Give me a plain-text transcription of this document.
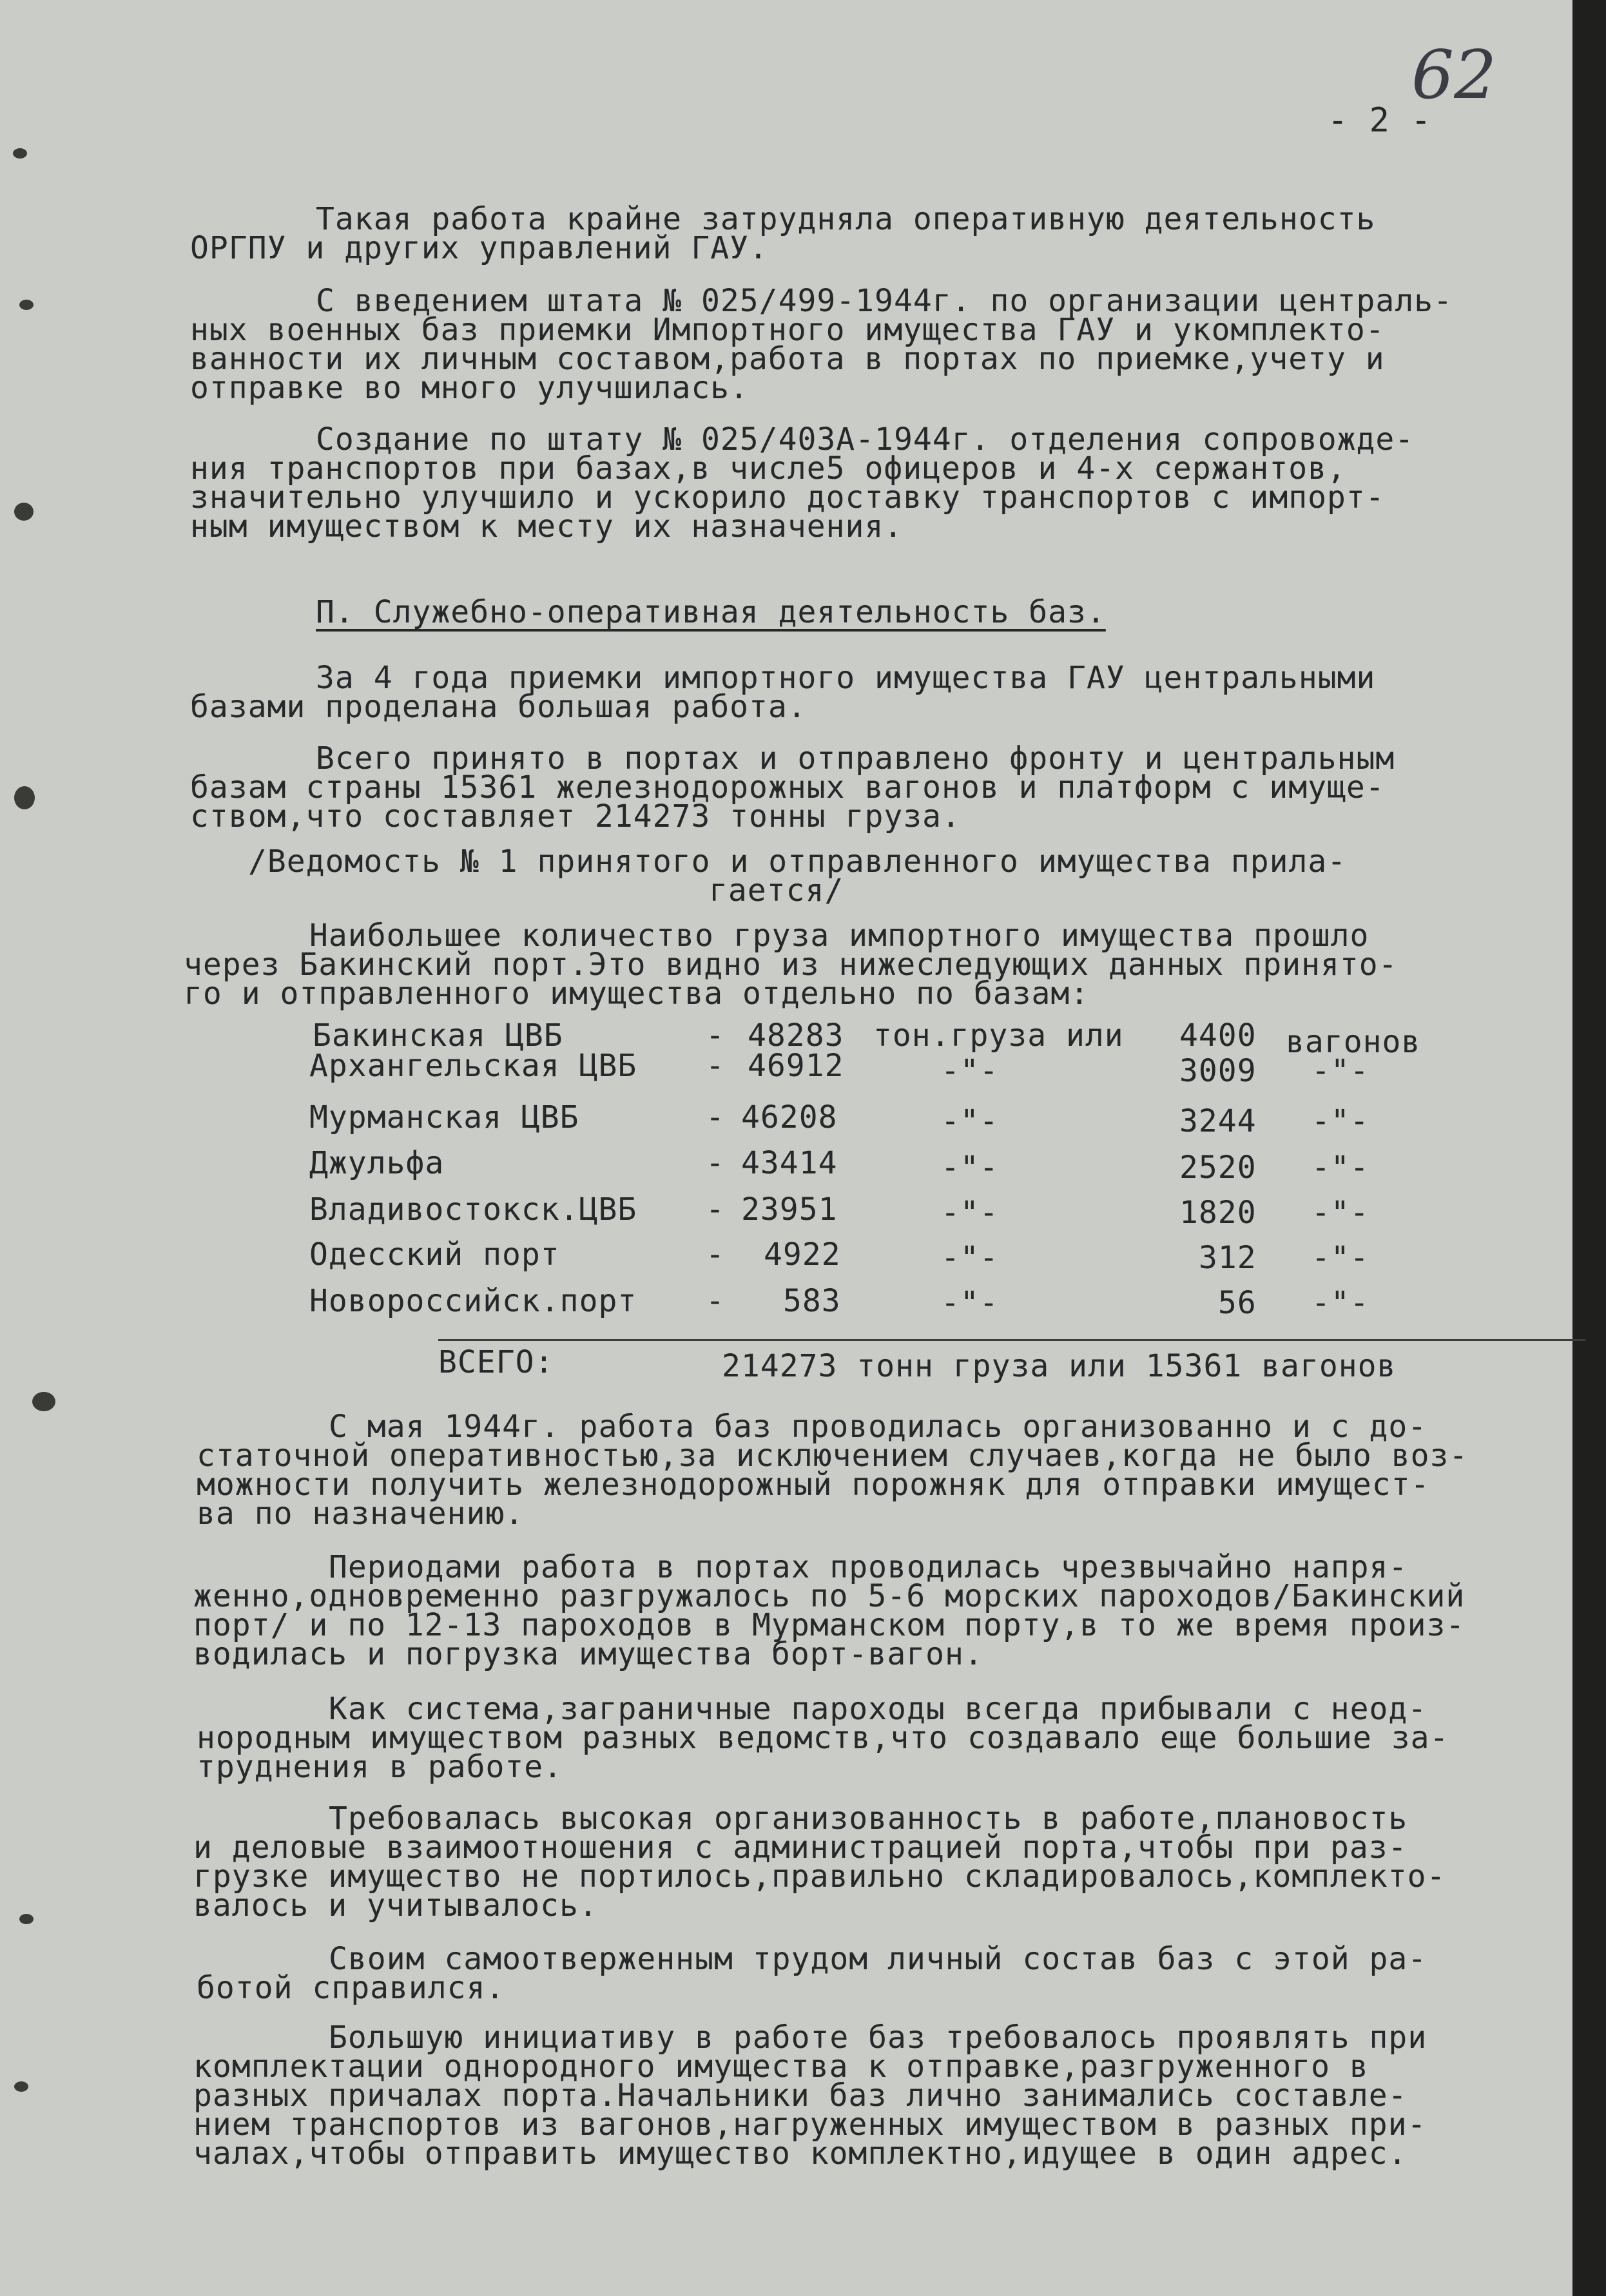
62

- 2 -

Такая работа крайне затрудняла оперативную деятельность

ОРГПУ и других управлений ГАУ.

С введением штата № 025/499-1944г. по организации централь-

ных военных баз приемки Импортного имущества ГАУ и укомплекто-

ванности их личным составом,работа в портах по приемке,учету и

отправке во много улучшилась.

Создание по штату № 025/403А-1944г. отделения сопровожде-

ния транспортов при базах,в числе5 офицеров и 4-х сержантов,

значительно улучшило и ускорило доставку транспортов с импорт-

ным имуществом к месту их назначения.

П. Служебно-оперативная деятельность баз.

За 4 года приемки импортного имущества ГАУ центральными

базами проделана большая работа.

Всего принято в портах и отправлено фронту и центральным

базам страны 15361 железнодорожных вагонов и платформ с имуще-

ством,что составляет 214273 тонны груза.

/Ведомость № 1 принятого и отправленного имущества прила-

гается/

Наибольшее количество груза импортного имущества прошло

через Бакинский порт.Это видно из нижеследующих данных принято-

го и отправленного имущества отдельно по базам:

Бакинская ЦВБ	- 48283 тон.груза или 4400 вагонов

Архангельская ЦВБ - 46912	-"-	3009 -"-

Мурманская ЦВБ	- 46208	-"-	3244 -"-

Джульфа	- 43414	-"-	2520 -"-

Владивостокск.ЦВБ - 23951	-"-	1820 -"-

Одесский порт	- 4922	-"-	312 -"-

Новороссийск.порт - 583	-"-	56 -"-

ВСЕГО:	214273 тонн груза или 15361 вагонов

С мая 1944г. работа баз проводилась организованно и с до-

статочной оперативностью,за исключением случаев,когда не было воз-

можности получить железнодорожный порожняк для отправки имущест-

ва по назначению.

Периодами работа в портах проводилась чрезвычайно напря-

женно,одновременно разгружалось по 5-6 морских пароходов/Бакинский

порт/ и по 12-13 пароходов в Мурманском порту,в то же время произ-

водилась и погрузка имущества борт-вагон.

Как система,заграничные пароходы всегда прибывали с неод-

нородным имуществом разных ведомств,что создавало еще большие за-

труднения в работе.

Требовалась высокая организованность в работе,плановость

и деловые взаимоотношения с администрацией порта,чтобы при раз-

грузке имущество не портилось,правильно складировалось,комплекто-

валось и учитывалось.

Своим самоотверженным трудом личный состав баз с этой ра-

ботой справился.

Большую инициативу в работе баз требовалось проявлять при

комплектации однородного имущества к отправке,разгруженного в

разных причалах порта.Начальники баз лично занимались составле-

нием транспортов из вагонов,нагруженных имуществом в разных при-

чалах,чтобы отправить имущество комплектно,идущее в один адрес.
